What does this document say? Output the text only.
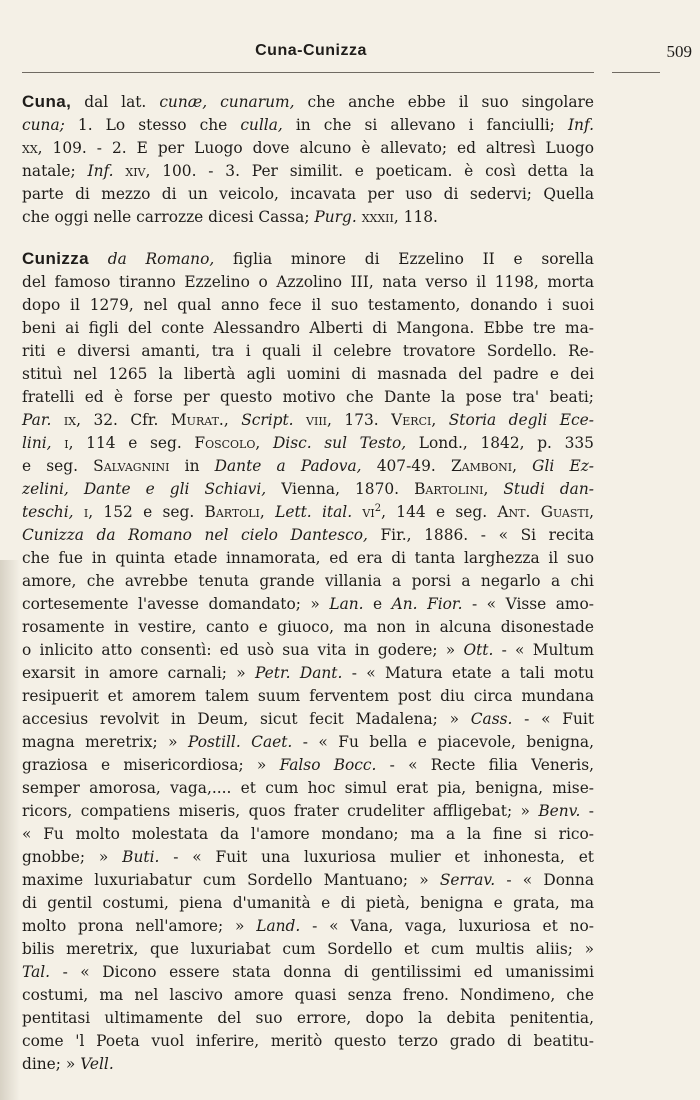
Cuna-Cunizza	509
Cuna, dal lat. cunæ, cunarum, che anche ebbe il suo singolare
cuna; 1. Lo stesso che culla, in che si allevano i fanciulli; Inf.
xx, 109. - 2. E per Luogo dove alcuno è allevato; ed altresì Luogo
natale; Inf. xiv, 100. - 3. Per similit. e poeticam. è così detta la
parte di mezzo di un veicolo, incavata per uso di sedervi; Quella
che oggi nelle carrozze dicesi Cassa; Purg. xxxii, 118.
Cunizza da Romano, figlia minore di Ezzelino II e sorella
del famoso tiranno Ezzelino o Azzolino III, nata verso il 1198, morta
dopo il 1279, nel qual anno fece il suo testamento, donando i suoi
beni ai figli del conte Alessandro Alberti di Mangona. Ebbe tre ma-
riti e diversi amanti, tra i quali il celebre trovatore Sordello. Re-
stituì nel 1265 la libertà agli uomini di masnada del padre e dei
fratelli ed è forse per questo motivo che Dante la pose tra' beati;
Par. ix, 32. Cfr. Murat., Script. viii, 173. Verci, Storia degli Ece-
lini, i, 114 e seg. Foscolo, Disc. sul Testo, Lond., 1842, p. 335
e seg. Salvagnini in Dante a Padova, 407-49. Zamboni, Gli Ez-
zelini, Dante e gli Schiavi, Vienna, 1870. Bartolini, Studi dan-
teschi, i, 152 e seg. Bartoli, Lett. ital. $vi^2$, 144 e seg. Ant. Guasti,
Cunizza da Romano nel cielo Dantesco, Fir., 1886. - « Si recita
che fue in quinta etade innamorata, ed era di tanta larghezza il suo
amore, che avrebbe tenuta grande villania a porsi a negarlo a chi
cortesemente l'avesse domandato; » Lan. e An. Fior. - « Visse amo-
rosamente in vestire, canto e giuoco, ma non in alcuna disonestade
o inlicito atto consentì: ed usò sua vita in godere; » Ott. - « Multum
exarsit in amore carnali; » Petr. Dant. - « Matura etate a tali motu
resipuerit et amorem talem suum ferventem post diu circa mundana
accesius revolvit in Deum, sicut fecit Madalena; » Cass. - « Fuit
magna meretrix; » Postill. Caet. - « Fu bella e piacevole, benigna,
graziosa e misericordiosa; » Falso Bocc. - « Recte filia Veneris,
semper amorosa, vaga,.... et cum hoc simul erat pia, benigna, mise-
ricors, compatiens miseris, quos frater crudeliter affligebat; » Benv. -
« Fu molto molestata da l'amore mondano; ma a la fine si rico-
gnobbe; » Buti. - « Fuit una luxuriosa mulier et inhonesta, et
maxime luxuriabatur cum Sordello Mantuano; » Serrav. - « Donna
di gentil costumi, piena d'umanità e di pietà, benigna e grata, ma
molto prona nell'amore; » Land. - « Vana, vaga, luxuriosa et no-
bilis meretrix, que luxuriabat cum Sordello et cum multis aliis; »
Tal. - « Dicono essere stata donna di gentilissimi ed umanissimi
costumi, ma nel lascivo amore quasi senza freno. Nondimeno, che
pentitasi ultimamente del suo errore, dopo la debita penitentia,
come 'l Poeta vuol inferire, meritò questo terzo grado di beatitu-
dine; » Vell.
